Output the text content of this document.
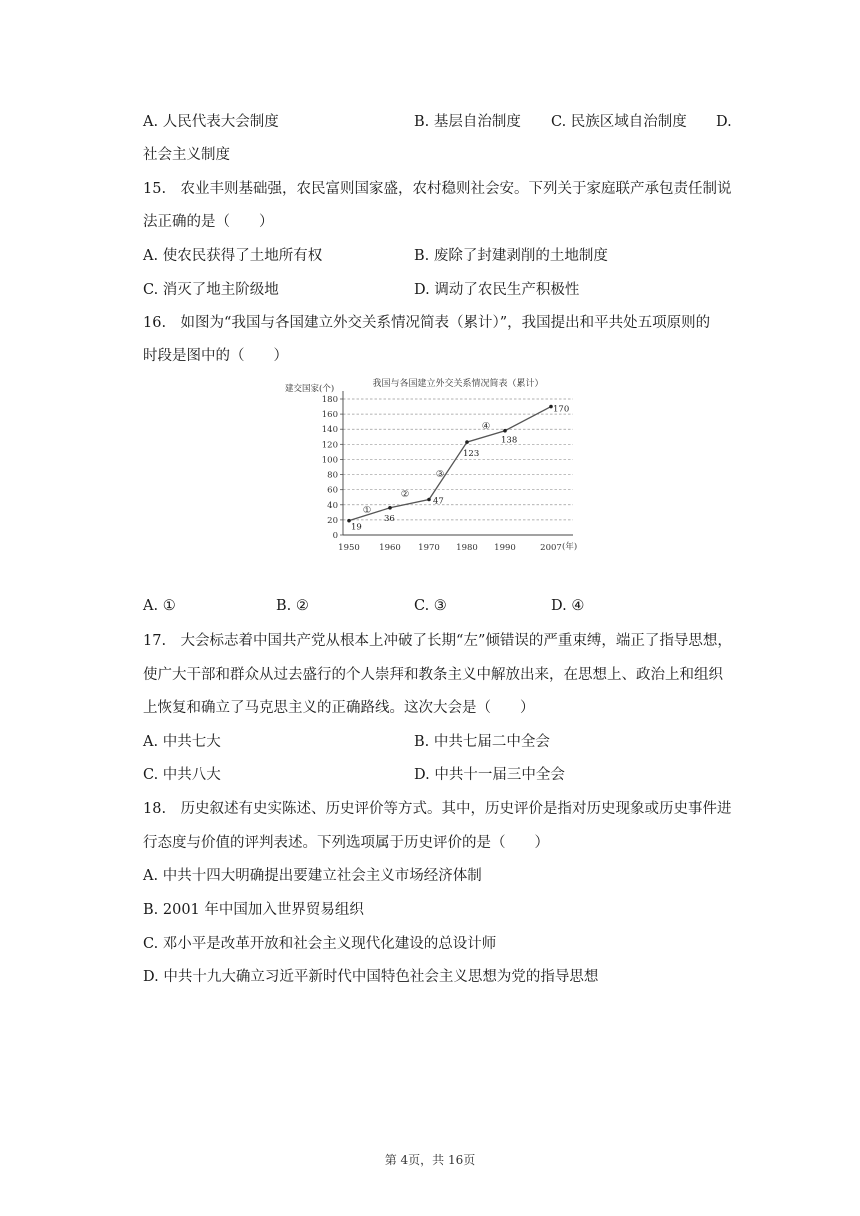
A. 人民代表大会制度	B. 基层自治制度 C. 民族区域自治制度 D.
社会主义制度
15.　农业丰则基础强，农民富则国家盛，农村稳则社会安。下列关于家庭联产承包责任制说
法正确的是（　　）
A. 使农民获得了土地所有权	B. 废除了封建剥削的土地制度
C. 消灭了地主阶级地	D. 调动了农民生产积极性
16.　如图为“我国与各国建立外交关系情况简表（累计）”，我国提出和平共处五项原则的
时段是图中的（　　）
我国与各国建立外交关系情况简表（累计）
建交国家(个)
0
20
40
60
80
100
120
140
160
180
1950 1960 1970 1980 1990	2007 (年)
19
36
47
123
138
170
①
②
③
④
A. ①	B. ②	C. ③	D. ④
17.　大会标志着中国共产党从根本上冲破了长期“左”倾错误的严重束缚，端正了指导思想，
使广大干部和群众从过去盛行的个人崇拜和教条主义中解放出来，在思想上、政治上和组织
上恢复和确立了马克思主义的正确路线。这次大会是（　　）
A. 中共七大	B. 中共七届二中全会
C. 中共八大	D. 中共十一届三中全会
18.　历史叙述有史实陈述、历史评价等方式。其中，历史评价是指对历史现象或历史事件进
行态度与价值的评判表述。下列选项属于历史评价的是（　　）
A. 中共十四大明确提出要建立社会主义市场经济体制
B. 2001 年中国加入世界贸易组织
C. 邓小平是改革开放和社会主义现代化建设的总设计师
D. 中共十九大确立习近平新时代中国特色社会主义思想为党的指导思想
第 4页，共 16页
